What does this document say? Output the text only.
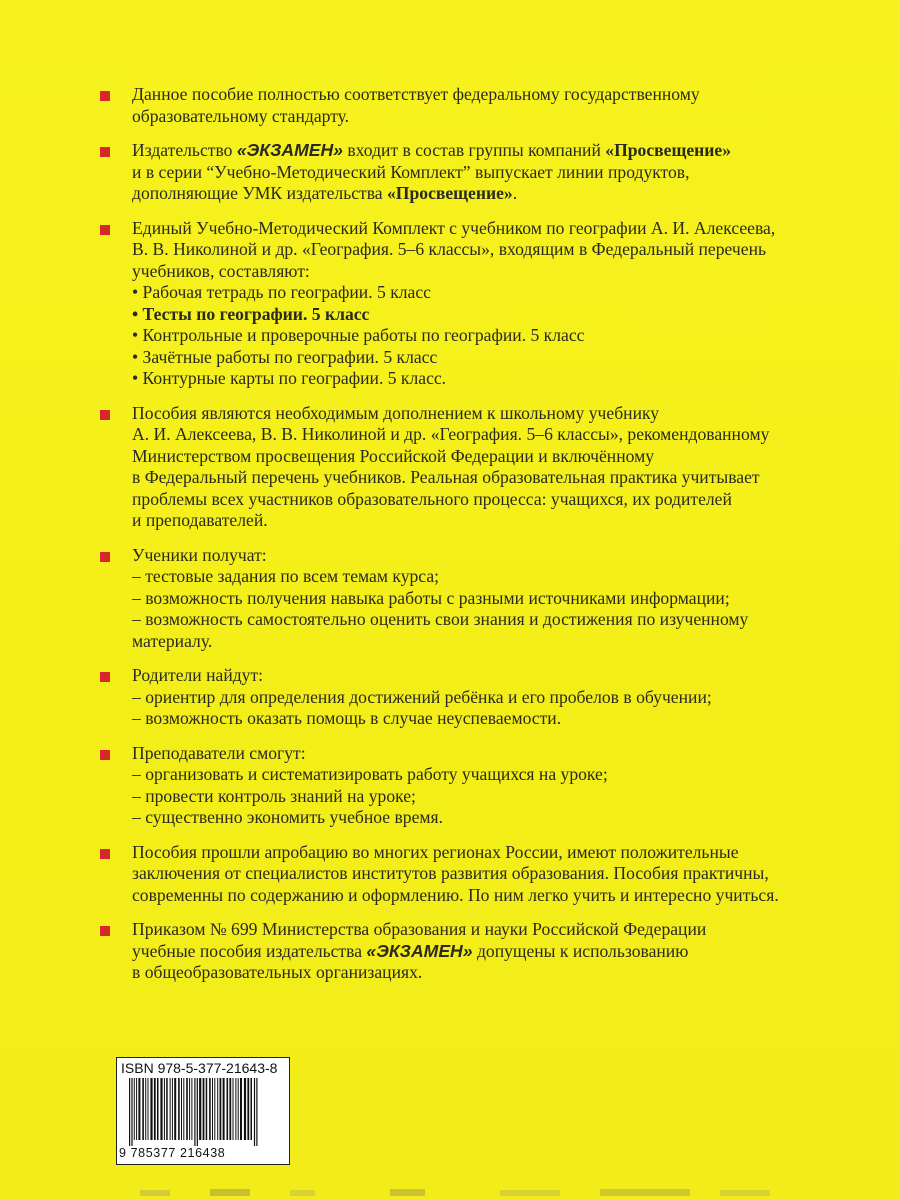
Данное пособие полностью соответствует федеральному государственному
образовательному стандарту.
Издательство «ЭКЗАМЕН» входит в состав группы компаний «Просвещение»
и в серии “Учебно-Методический Комплект” выпускает линии продуктов,
дополняющие УМК издательства «Просвещение».
Единый Учебно-Методический Комплект с учебником по географии А. И. Алексеева,
В. В. Николиной и др. «География. 5–6 классы», входящим в Федеральный перечень
учебников, составляют:
• Рабочая тетрадь по географии. 5 класс
• Тесты по географии. 5 класс
• Контрольные и проверочные работы по географии. 5 класс
• Зачётные работы по географии. 5 класс
• Контурные карты по географии. 5 класс.
Пособия являются необходимым дополнением к школьному учебнику
А. И. Алексеева, В. В. Николиной и др. «География. 5–6 классы», рекомендованному
Министерством просвещения Российской Федерации и включённому
в Федеральный перечень учебников. Реальная образовательная практика учитывает
проблемы всех участников образовательного процесса: учащихся, их родителей
и преподавателей.
Ученики получат:
– тестовые задания по всем темам курса;
– возможность получения навыка работы с разными источниками информации;
– возможность самостоятельно оценить свои знания и достижения по изученному
материалу.
Родители найдут:
– ориентир для определения достижений ребёнка и его пробелов в обучении;
– возможность оказать помощь в случае неуспеваемости.
Преподаватели смогут:
– организовать и систематизировать работу учащихся на уроке;
– провести контроль знаний на уроке;
– существенно экономить учебное время.
Пособия прошли апробацию во многих регионах России, имеют положительные
заключения от специалистов институтов развития образования. Пособия практичны,
современны по содержанию и оформлению. По ним легко учить и интересно учиться.
Приказом № 699 Министерства образования и науки Российской Федерации
учебные пособия издательства «ЭКЗАМЕН» допущены к использованию
в общеобразовательных организациях.
ISBN 978-5-377-21643-8
9 785377 216438
